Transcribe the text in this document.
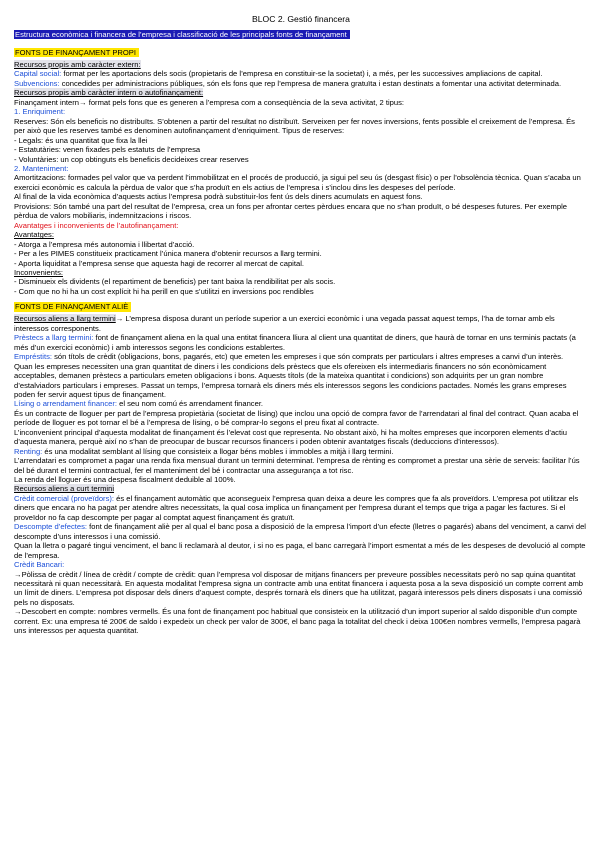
BLOC 2. Gestió financera

Estructura econòmica i financera de l’empresa i classificació de les principals fonts de finançament
FONTS DE FINANÇAMENT PROPI

Recursos propis amb caràcter extern:

Capital social: format per les aportacions dels socis (propietaris de l’empresa en constituir-se la societat) i, a més, per les successives ampliacions de capital.

Subvencions: concedides per administracions públiques, són els fons que rep l’empresa de manera gratuïta i estan destinats a fomentar una activitat determinada.

Recursos propis amb caràcter intern o autofinançament:

Finançament intern→ format pels fons que es generen a l’empresa com a conseqüència de la seva activitat, 2 tipus:

1. Enriquiment:

Reserves: Són els beneficis no distribuïts. S’obtenen a partir del resultat no distribuït. Serveixen per fer noves inversions, fents possible el creixement de l’empresa. És per això que les reserves també es denominen autofinançament d’enriquiment. Tipus de reserves:

- Legals: és una quantitat que fixa la llei

- Estatutàries: venen fixades pels estatuts de l’empresa

- Voluntàries: un cop obtinguts els beneficis decideixes crear reserves

2. Manteniment:

Amortitzacions: formades pel valor que va perdent l’immobilitzat en el procés de producció, ja sigui pel seu ús (desgast físic) o per l’obsolència tècnica. Quan s’acaba un exercici econòmic es calcula la pèrdua de valor que s’ha produït en els actius de l’empresa i s’inclou dins les despeses del període.

Al final de la vida econòmica d’aquests actius l’empresa podrà substituir-los fent ús dels diners acumulats en aquest fons.

Provisions: Són també una part del resultat de l’empresa, crea un fons per afrontar certes pèrdues encara que no s’han produït, o bé despeses futures. Per exemple pèrdua de valors mobiliaris, indemnitzacions i riscos.

Avantatges i inconvenients de l’autofinançament:

Avantatges:

- Atorga a l’empresa més autonomia i llibertat d’acció.

- Per a les PIMES constitueix practicament l’única manera d’obtenir recursos a llarg termini.

- Aporta liquiditat a l’empresa sense que aquesta hagi de recorrer al mercat de capital.

Inconvenients:

- Disminueix els dividents (el repartiment de beneficis) per tant baixa la rendibilitat per als socis.

- Com que no hi ha un cost explícit hi ha perill en que s’utilitzi en inversions poc rendibles

FONTS DE FINANÇAMENT ALIÈ

Recursos aliens a llarg termini→ L’empresa disposa durant un període superior a un exercici econòmic i una vegada passat aquest temps, l’ha de tornar amb els interessos corresponents.

Prèstecs a llarg termini: font de finançament aliena en la qual una entitat financera lliura al client una quantitat de diners, que haurà de tornar en uns terminis pactats (a més d’un exercici econòmic) i amb interessos segons les condicions establertes.

Empréstits: són títols de crèdit (obligacions, bons, pagarés, etc) que emeten les empreses i que són comprats per particulars i altres empreses a canvi d’un interès.

Quan les empreses necessiten una gran quantitat de diners i les condicions dels prèstecs que els ofereixen els intermediaris financers no són econòmicament acceptables, demanen prèstecs a particulars emeten obligacions i bons. Aquests títols (de la mateixa quantitat i condicions) son adquirits per un gran nombre d’estalviadors particulars i empreses. Passat un temps, l’empresa tornarà els diners més els interessos segons les condicions pactades. Només les grans empreses poden fer servir aquest tipus de finançament.

Lísing o arrendament financer: el seu nom comú és arrendament financer.

És un contracte de lloguer per part de l’empresa propietària (societat de lísing) que inclou una opció de compra favor de l’arrendatari al final del contract. Quan acaba el període de lloguer es pot tornar el bé a l’empresa de lísing, o bé comprar-lo segons el preu fixat al contracte.

L’inconvenient principal d’aquesta modalitat de finançament és l’elevat cost que representa. No obstant això, hi ha moltes empreses que incorporen elements d’actiu d’aquesta manera, perquè així no s’han de preocupar de buscar recursos financers i poden obtenir avantatges fiscals (deduccions d’interessos).

Renting: és una modalitat semblant al lísing que consisteix a llogar béns mobles i immobles a mitjà i llarg termini.

L’arrendatari es compromet a pagar una renda fixa mensual durant un termini determinat. l’empresa de rènting es compromet a prestar una sèrie de serveis: facilitar l’ús del bé durant el termini contractual, fer el manteniment del bé i contractar una assegurança a tot risc.

La renda del lloguer és una despesa fiscalment deduible al 100%.

Recursos aliens a curt termini

Crèdit comercial (proveïdors): és el finançament automàtic que aconsegueix l’empresa quan deixa a deure les compres que fa als proveïdors. L’empresa pot utilitzar els diners que encara no ha pagat per atendre altres necessitats, la qual cosa implica un finançament per l’empresa durant el temps que triga a pagar les factures. Si el proveïdor no fa cap descompte per pagar al comptat aquest finançament és gratuït.

Descompte d’efectes: font de finançament aliè per al qual el banc posa a disposició de la empresa l’import d’un efecte (lletres o pagarés) abans del venciment, a canvi del descompte d’uns interessos i una comissió.

Quan la lletra o pagaré tingui venciment, el banc li reclamarà al deutor, i si no es paga, el banc carregarà l’import esmentat a més de les despeses de devolució al compte de l’empresa.

Crèdit Bancari:

→Pòlissa de crèdit / línea de crèdit / compte de crèdit: quan l’empresa vol disposar de mitjans financers per preveure possibles necessitats però no sap quina quantitat necessitarà ni quan necessitarà. En aquesta modalitat l’empresa signa un contracte amb una entitat financera i aquesta posa a la seva disposició un compte corrent amb un límit de diners. L’empresa pot disposar dels diners d’aquest compte, després tornarà els diners que ha utilitzat, pagarà interessos pels diners disposats i una comissió pels no disposats.

→Descobert en compte: nombres vermells. És una font de finançament poc habitual que consisteix en la utilització d’un import superior al saldo disponible d’un compte corrent. Ex: una empresa té 200€ de saldo i expedeix un check per valor de 300€, el banc paga la totalitat del check i deixa 100€en nombres vermells, l’empresa pagarà uns interessos per aquesta quantitat.
